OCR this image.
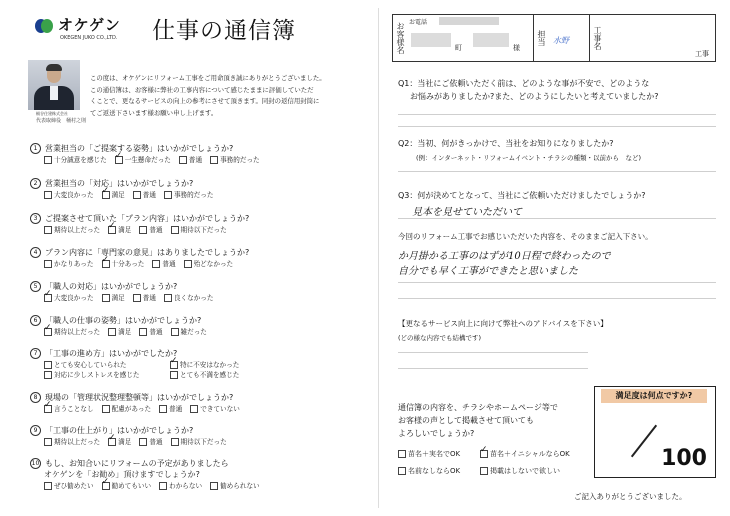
オケゲン
OKEGEN JUKO CO.,LTD. 仕事の通信簿
桶谷住建株式会社
代表取締役　桶村之則
この度は、オケゲンにリフォーム工事をご用命頂き誠にありがとうございました。
この通信簿は、お客様に弊社の工事内容について感じたままに評価していただ
くことで、更なるサービスの向上の参考にさせて頂きます。同封の返信用封筒に
てご返送下さいます様お願い申し上げます。
1 営業担当の「ご提案する姿勢」はいかがでしょうか?
十分誠意を感じた ✓	一生懸命だった	普通	事務的だった
2 営業担当の「対応」はいかがでしょうか?
大変良かった ✓	満足	普通	事務的だった
3 ご提案させて頂いた「プラン内容」はいかがでしょうか?
期待以上だった ✓	満足	普通	期待以下だった
4 プラン内容に「専門家の意見」はありましたでしょうか?
かなりあった ✓	十分あった	普通	殆どなかった
5 「職人の対応」はいかがでしょうか?
✓
大変良かった	満足	普通	良くなかった
6 「職人の仕事の姿勢」はいかがでしょうか?
✓
期待以上だった	満足	普通	雑だった
7 「工事の進め方」はいかがでしたか?
とても安心していられた ✓	特に不安はなかった
対応に少しストレスを感じた	とても不満を感じた
8 現場の「管理状況整理整頓等」はいかがでしょうか?
✓
言うことなし	配慮があった	普通	できていない
9 「工事の仕上がり」はいかがでしょうか?
期待以上だった ✓	満足	普通	期待以下だった
10 もし、お知合いにリフォームの予定がありましたら
オケゲンを「お勧め」頂けますでしょうか?
ぜひ勧めたい ✓	勧めてもいい	わからない	勧められない
お客様名 お電話
町	様
担当 水野	工事名
工事
Q1：当社にご依頼いただく前は、どのような事が不安で、どのような
お悩みがありましたか?また、どのようにしたいと考えていましたか?
Q2：当初、何がきっかけで、当社をお知りになりましたか?
(例：インターネット・リフォームイベント・チラシの種類・以前から　など)
Q3：何が決めてとなって、当社にご依頼いただけましたでしょうか?
見本を見せていただいて
今回のリフォーム工事でお感じいただいた内容を、そのままご記入下さい。
か月掛かる工事のはずが10日程で終わったので
自分でも早く工事ができたと思いました
【更なるサービス向上に向けて弊社へのアドバイスを下さい】
(どの様な内容でも結構です)
通信簿の内容を、チラシやホームページ等で
お客様の声として掲載させて頂いても
よろしいでしょうか?
苗名＋実名でOK ✓	苗名＋イニシャルならOK
名前なしならOK	掲載はしないで欲しい
満足度は何点ですか?
100
ご記入ありがとうございました。
